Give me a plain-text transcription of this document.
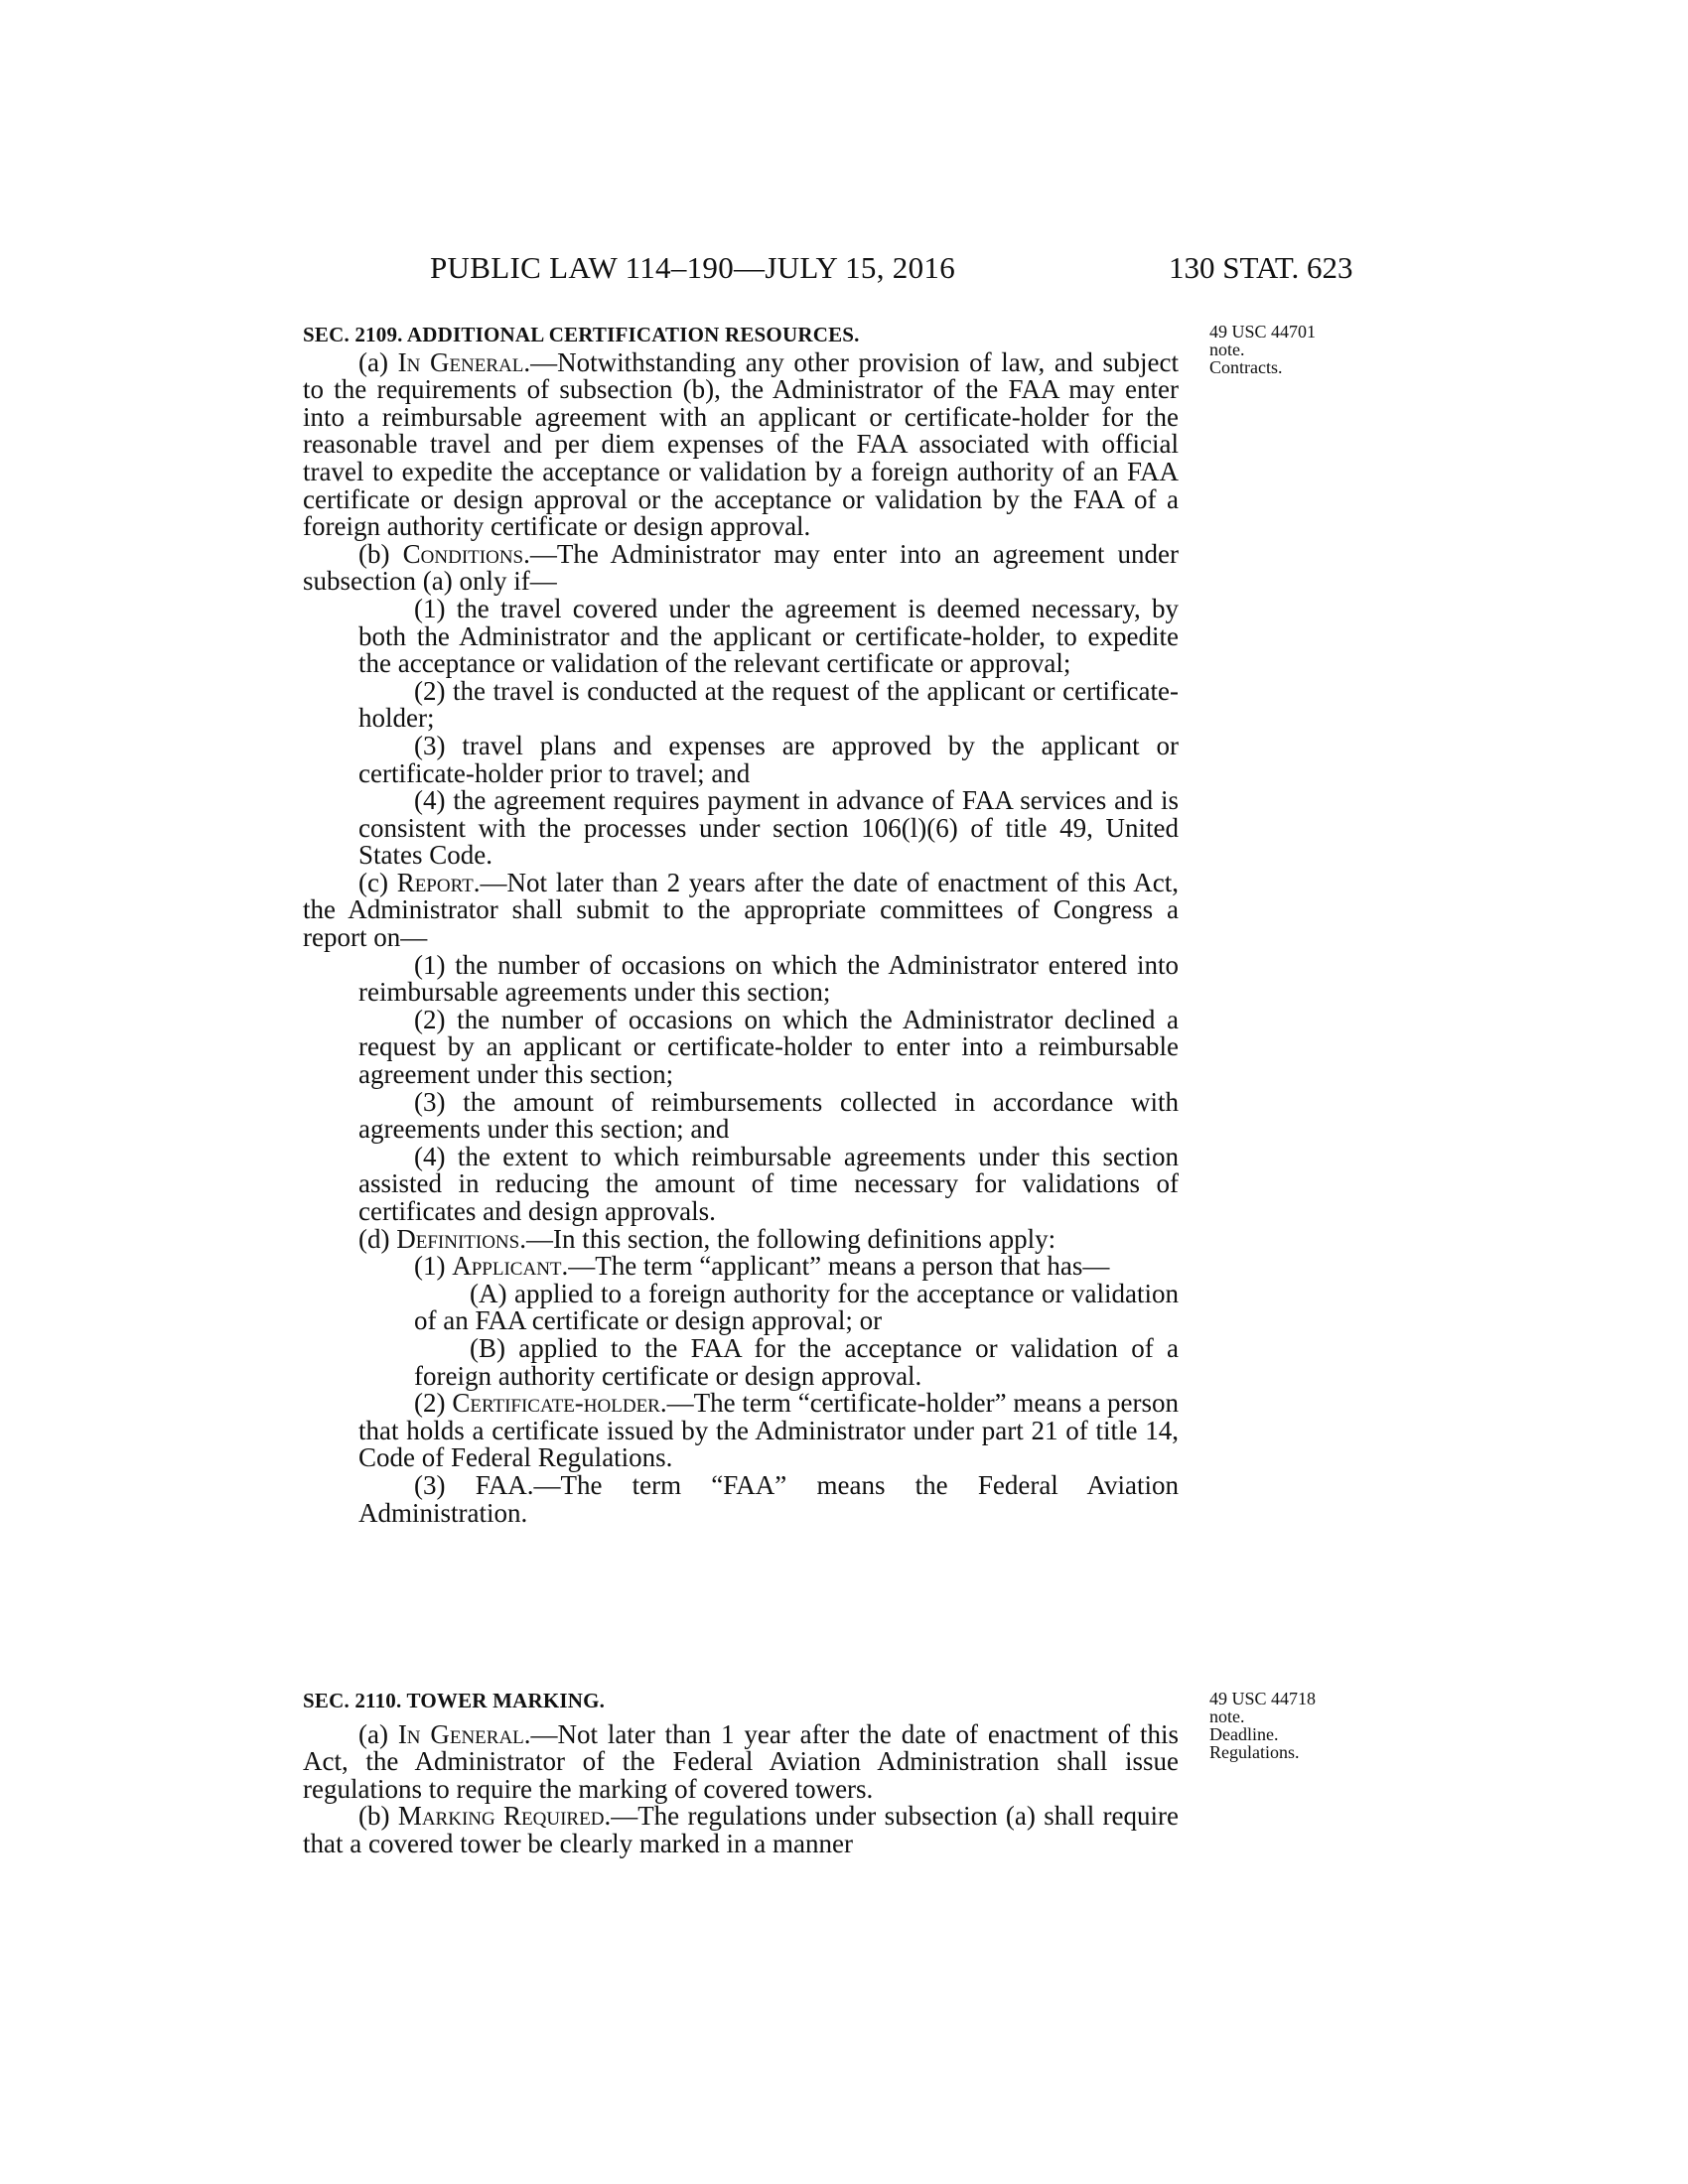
PUBLIC LAW 114–190—JULY 15, 2016	130 STAT. 623
49 USC 44701
note.
Contracts.
49 USC 44718
note.
Deadline.
Regulations.
SEC. 2109. ADDITIONAL CERTIFICATION RESOURCES.

(a) In General.—Notwithstanding any other provision of law, and subject to the requirements of subsection (b), the Administrator of the FAA may enter into a reimbursable agreement with an applicant or certificate-holder for the reasonable travel and per diem expenses of the FAA associated with official travel to expedite the acceptance or validation by a foreign authority of an FAA certificate or design approval or the acceptance or validation by the FAA of a foreign authority certificate or design approval.

(b) Conditions.—The Administrator may enter into an agreement under subsection (a) only if—

(1) the travel covered under the agreement is deemed necessary, by both the Administrator and the applicant or certificate-holder, to expedite the acceptance or validation of the relevant certificate or approval;

(2) the travel is conducted at the request of the applicant or certificate-holder;

(3) travel plans and expenses are approved by the applicant or certificate-holder prior to travel; and

(4) the agreement requires payment in advance of FAA services and is consistent with the processes under section 106(l)(6) of title 49, United States Code.

(c) Report.—Not later than 2 years after the date of enactment of this Act, the Administrator shall submit to the appropriate committees of Congress a report on—

(1) the number of occasions on which the Administrator entered into reimbursable agreements under this section;

(2) the number of occasions on which the Administrator declined a request by an applicant or certificate-holder to enter into a reimbursable agreement under this section;

(3) the amount of reimbursements collected in accordance with agreements under this section; and

(4) the extent to which reimbursable agreements under this section assisted in reducing the amount of time necessary for validations of certificates and design approvals.

(d) Definitions.—In this section, the following definitions apply:

(1) Applicant.—The term “applicant” means a person that has—

(A) applied to a foreign authority for the acceptance or validation of an FAA certificate or design approval; or

(B) applied to the FAA for the acceptance or validation of a foreign authority certificate or design approval.

(2) Certificate-holder.—The term “certificate-holder” means a person that holds a certificate issued by the Administrator under part 21 of title 14, Code of Federal Regulations.

(3) FAA.—The term “FAA” means the Federal Aviation Administration.

SEC. 2110. TOWER MARKING.

(a) In General.—Not later than 1 year after the date of enactment of this Act, the Administrator of the Federal Aviation Administration shall issue regulations to require the marking of covered towers.

(b) Marking Required.—The regulations under subsection (a) shall require that a covered tower be clearly marked in a manner
